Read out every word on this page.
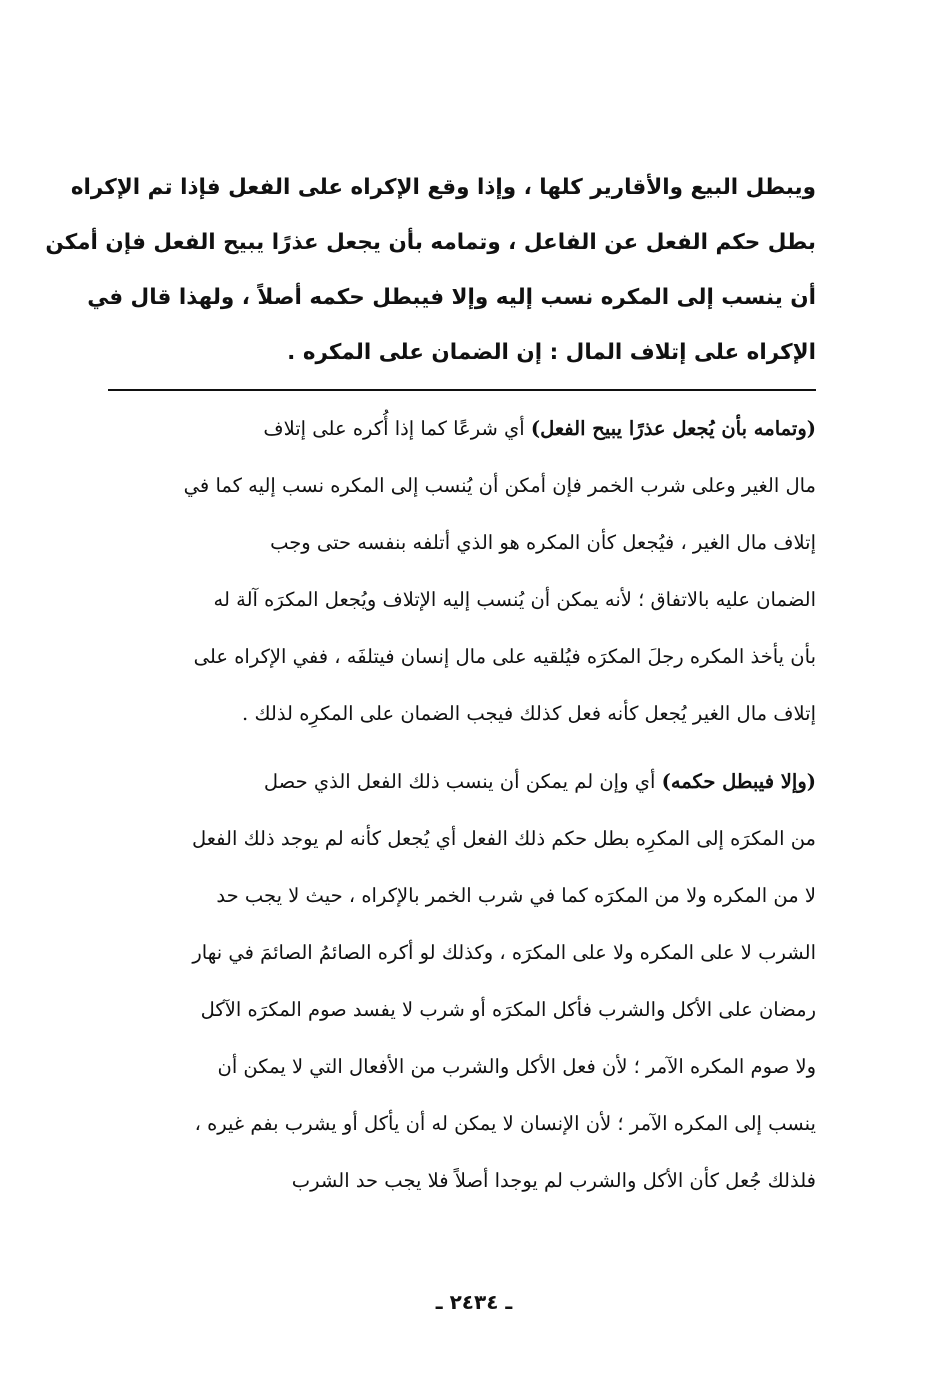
ويبطل البيع والأقارير كلها ، وإذا وقع الإكراه على الفعل فإذا تم الإكراه
بطل حكم الفعل عن الفاعل ، وتمامه بأن يجعل عذرًا يبيح الفعل فإن أمكن
أن ينسب إلى المكره نسب إليه وإلا فيبطل حكمه أصلاً ، ولهذا قال في
الإكراه على إتلاف المال : إن الضمان على المكره .
(وتمامه بأن يُجعل عذرًا يبيح الفعل) أي شرعًا كما إذا أُكره على إتلاف
مال الغير وعلى شرب الخمر فإن أمكن أن يُنسب إلى المكره نسب إليه كما في
إتلاف مال الغير ، فيُجعل كأن المكره هو الذي أتلفه بنفسه حتى وجب
الضمان عليه بالاتفاق ؛ لأنه يمكن أن يُنسب إليه الإتلاف ويُجعل المكرَه آلة له
بأن يأخذ المكره رجلَ المكرَه فيُلقيه على مال إنسان فيتلفَه ، ففي الإكراه على
إتلاف مال الغير يُجعل كأنه فعل كذلك فيجب الضمان على المكرِه لذلك .
(وإلا فيبطل حكمه) أي وإن لم يمكن أن ينسب ذلك الفعل الذي حصل
من المكرَه إلى المكرِه بطل حكم ذلك الفعل أي يُجعل كأنه لم يوجد ذلك الفعل
لا من المكره ولا من المكرَه كما في شرب الخمر بالإكراه ، حيث لا يجب حد
الشرب لا على المكره ولا على المكرَه ، وكذلك لو أكره الصائمُ الصائمَ في نهار
رمضان على الأكل والشرب فأكل المكرَه أو شرب لا يفسد صوم المكرَه الآكل
ولا صوم المكره الآمر ؛ لأن فعل الأكل والشرب من الأفعال التي لا يمكن أن
ينسب إلى المكره الآمر ؛ لأن الإنسان لا يمكن له أن يأكل أو يشرب بفم غيره ،
فلذلك جُعل كأن الأكل والشرب لم يوجدا أصلاً فلا يجب حد الشرب
ـ ٢٤٣٤ ـ
